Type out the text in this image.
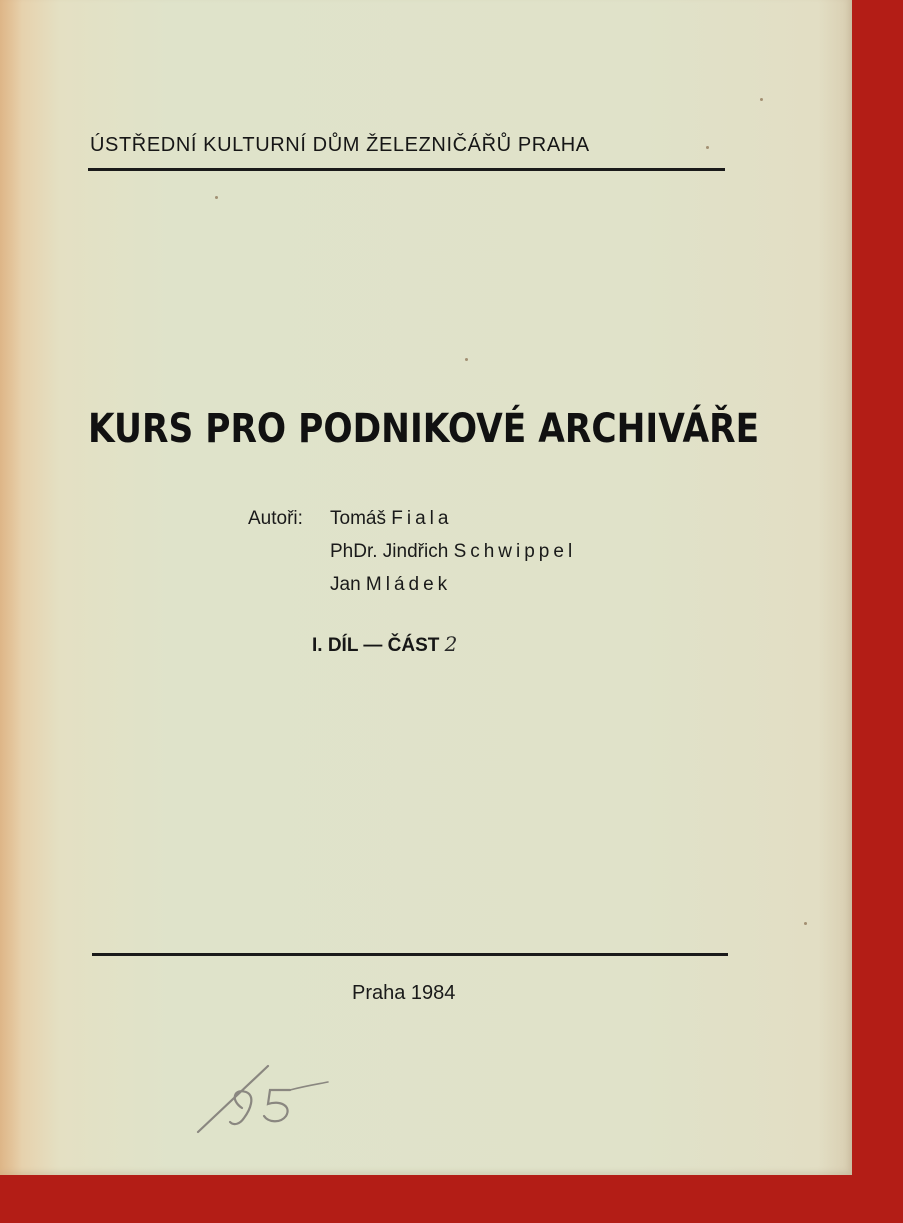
ÚSTŘEDNÍ KULTURNÍ DŮM ŽELEZNIČÁŘŮ PRAHA
KURS PRO PODNIKOVÉ ARCHIVÁŘE
Autoři: Tomáš Fiala
PhDr. Jindřich Schwippel
Jan Mládek
I. DÍL — ČÁST 2
Praha 1984
